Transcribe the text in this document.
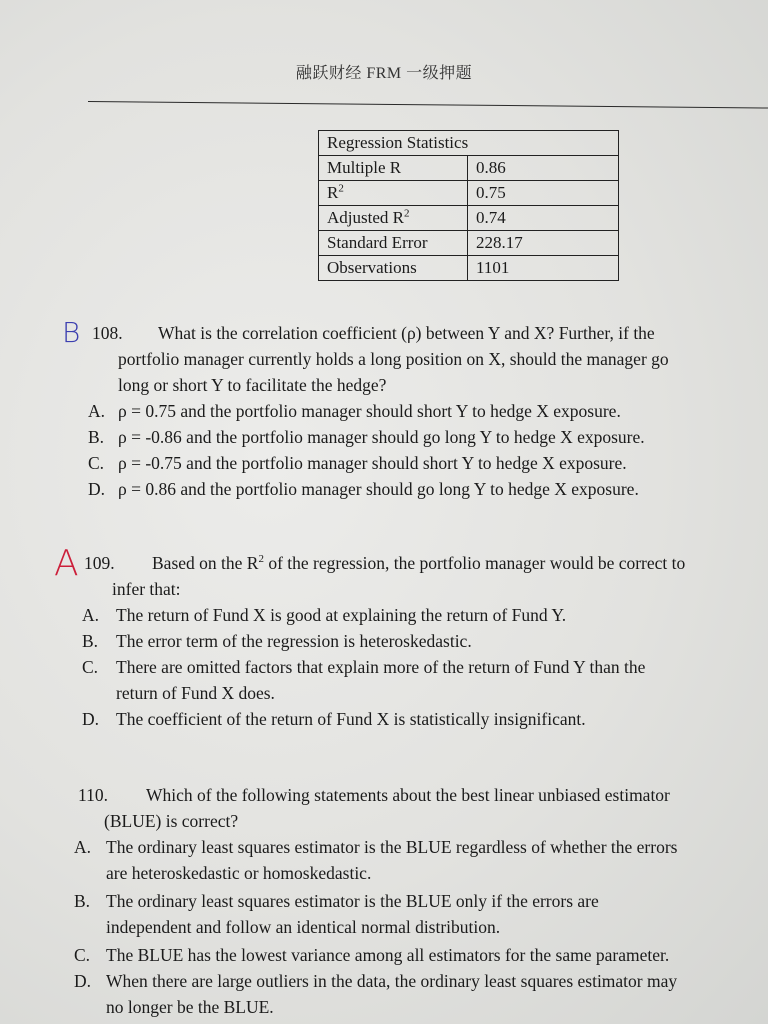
融跃财经 FRM 一级押题
Regression Statistics	
Multiple R	0.86
$R^2$	0.75
Adjusted $R^2$	0.74
Standard Error	228.17
Observations	1101
B
A
108. What is the correlation coefficient (ρ) between Y and X? Further, if the
portfolio manager currently holds a long position on X, should the manager go
long or short Y to facilitate the hedge?
A. ρ = 0.75 and the portfolio manager should short Y to hedge X exposure.
B. ρ = -0.86 and the portfolio manager should go long Y to hedge X exposure.
C. ρ = -0.75 and the portfolio manager should short Y to hedge X exposure.
D. ρ = 0.86 and the portfolio manager should go long Y to hedge X exposure.
109. Based on the $R^2$ of the regression, the portfolio manager would be correct to
infer that:
A. The return of Fund X is good at explaining the return of Fund Y.
B. The error term of the regression is heteroskedastic.
C. There are omitted factors that explain more of the return of Fund Y than the
return of Fund X does.
D. The coefficient of the return of Fund X is statistically insignificant.
110. Which of the following statements about the best linear unbiased estimator
(BLUE) is correct?
A. The ordinary least squares estimator is the BLUE regardless of whether the errors
are heteroskedastic or homoskedastic.
B. The ordinary least squares estimator is the BLUE only if the errors are
independent and follow an identical normal distribution.
C. The BLUE has the lowest variance among all estimators for the same parameter.
D. When there are large outliers in the data, the ordinary least squares estimator may
no longer be the BLUE.
